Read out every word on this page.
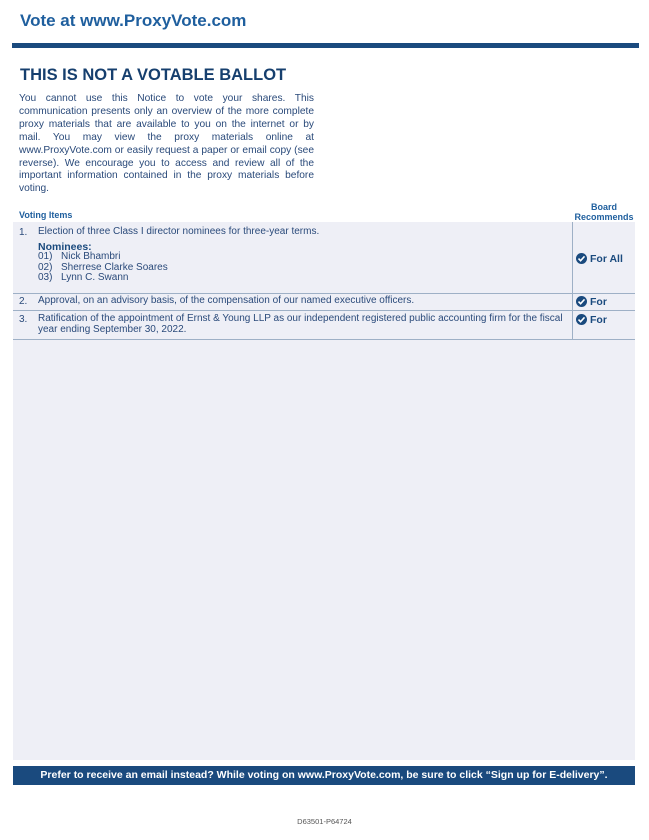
Vote at www.ProxyVote.com
THIS IS NOT A VOTABLE BALLOT
You cannot use this Notice to vote your shares. This communication presents only an overview of the more complete proxy materials that are available to you on the internet or by mail. You may view the proxy materials online at www.ProxyVote.com or easily request a paper or email copy (see reverse). We encourage you to access and review all of the important information contained in the proxy materials before voting.
Voting Items
Board
Recommends
1. Election of three Class I director nominees for three-year terms.
Nominees:
01) Nick Bhambri
02) Sherrese Clarke Soares
03) Lynn C. Swann
For All
2. Approval, on an advisory basis, of the compensation of our named executive officers.	For
3. Ratification of the appointment of Ernst & Young LLP as our independent registered public accounting firm for the fiscal year ending September 30, 2022.
For
Prefer to receive an email instead? While voting on www.ProxyVote.com, be sure to click “Sign up for E-delivery”.
D63501-P64724
